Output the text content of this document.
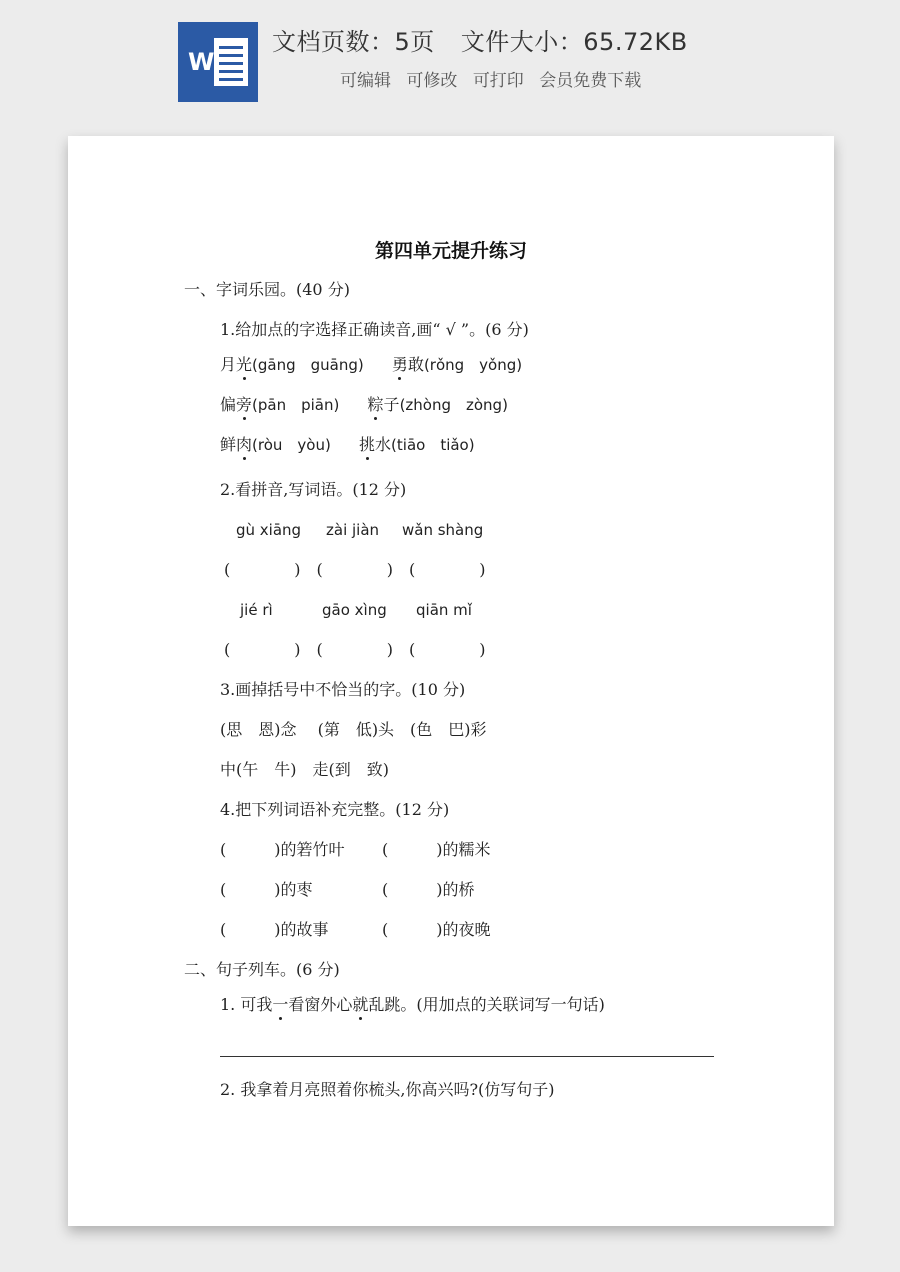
W
文档页数：5页 文件大小：65.72KB
可编辑 可修改 可打印 会员免费下载
第四单元提升练习
一、字词乐园。(40 分)
1.给加点的字选择正确读音,画“ √ ”。(6 分)
月光(gāng　guāng) 勇敢(rǒng　yǒng)
偏旁(pān　piān) 粽子(zhòng　zòng)
鲜肉(ròu　yòu) 挑水(tiāo　tiǎo)
2.看拼音,写词语。(12 分)
gù xiāng zài jiàn wǎn shàng
(　　　　)　(　　　　)　(　　　　)
jié rì	gāo xìng qiān mǐ
(　　　　)　(　　　　)　(　　　　)
3.画掉括号中不恰当的字。(10 分)
(思　恩)念　 (第　低)头　(色　巴)彩
中(午　牛)　走(到　致)
4.把下列词语补充完整。(12 分)
(　　　)的箬竹叶 (　　　)的糯米
(　　　)的枣	(　　　)的桥
(　　　)的故事	(　　　)的夜晚
二、句子列车。(6 分)
1. 可我一看窗外心就乱跳。(用加点的关联词写一句话)
2. 我拿着月亮照着你梳头,你高兴吗?(仿写句子)
